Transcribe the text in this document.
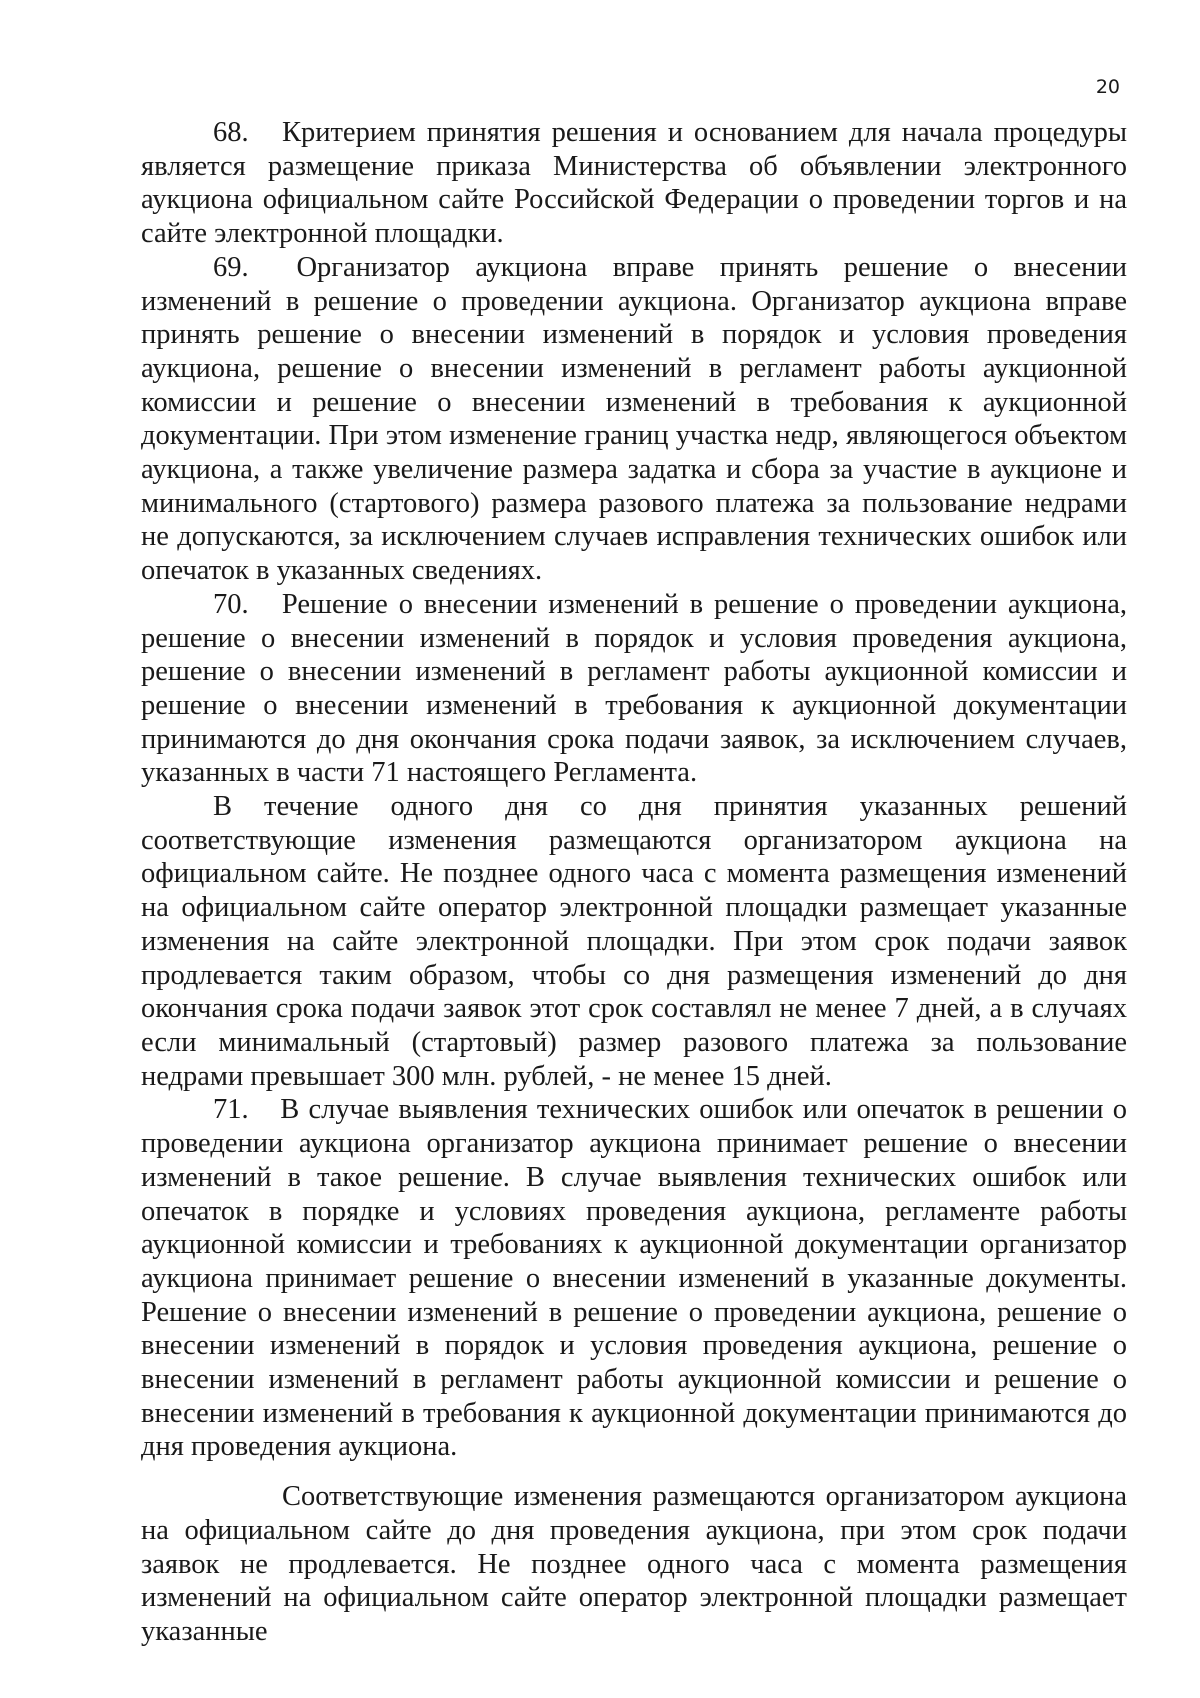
20

68. Критерием принятия решения и основанием для начала процедуры является размещение приказа Министерства об объявлении электронного аукциона официальном сайте Российской Федерации о проведении торгов и на сайте электронной площадки.

69. Организатор аукциона вправе принять решение о внесении изменений в решение о проведении аукциона. Организатор аукциона вправе принять решение о внесении изменений в порядок и условия проведения аукциона, решение о внесении изменений в регламент работы аукционной комиссии и решение о внесении изменений в требования к аукционной документации. При этом изменение границ участка недр, являющегося объектом аукциона, а также увеличение размера задатка и сбора за участие в аукционе и минимального (стартового) размера разового платежа за пользование недрами не допускаются, за исключением случаев исправления технических ошибок или опечаток в указанных сведениях.

70. Решение о внесении изменений в решение о проведении аукциона, решение о внесении изменений в порядок и условия проведения аукциона, решение о внесении изменений в регламент работы аукционной комиссии и решение о внесении изменений в требования к аукционной документации принимаются до дня окончания срока подачи заявок, за исключением случаев, указанных в части 71 настоящего Регламента.

В течение одного дня со дня принятия указанных решений соответствующие изменения размещаются организатором аукциона на официальном сайте. Не позднее одного часа с момента размещения изменений на официальном сайте оператор электронной площадки размещает указанные изменения на сайте электронной площадки. При этом срок подачи заявок продлевается таким образом, чтобы со дня размещения изменений до дня окончания срока подачи заявок этот срок составлял не менее 7 дней, а в случаях если минимальный (стартовый) размер разового платежа за пользование недрами превышает 300 млн. рублей, - не менее 15 дней.

71. В случае выявления технических ошибок или опечаток в решении о проведении аукциона организатор аукциона принимает решение о внесении изменений в такое решение. В случае выявления технических ошибок или опечаток в порядке и условиях проведения аукциона, регламенте работы аукционной комиссии и требованиях к аукционной документации организатор аукциона принимает решение о внесении изменений в указанные документы. Решение о внесении изменений в решение о проведении аукциона, решение о внесении изменений в порядок и условия проведения аукциона, решение о внесении изменений в регламент работы аукционной комиссии и решение о внесении изменений в требования к аукционной документации принимаются до дня проведения аукциона.

Соответствующие изменения размещаются организатором аукциона на официальном сайте до дня проведения аукциона, при этом срок подачи заявок не продлевается. Не позднее одного часа с момента размещения изменений на официальном сайте оператор электронной площадки размещает указанные
